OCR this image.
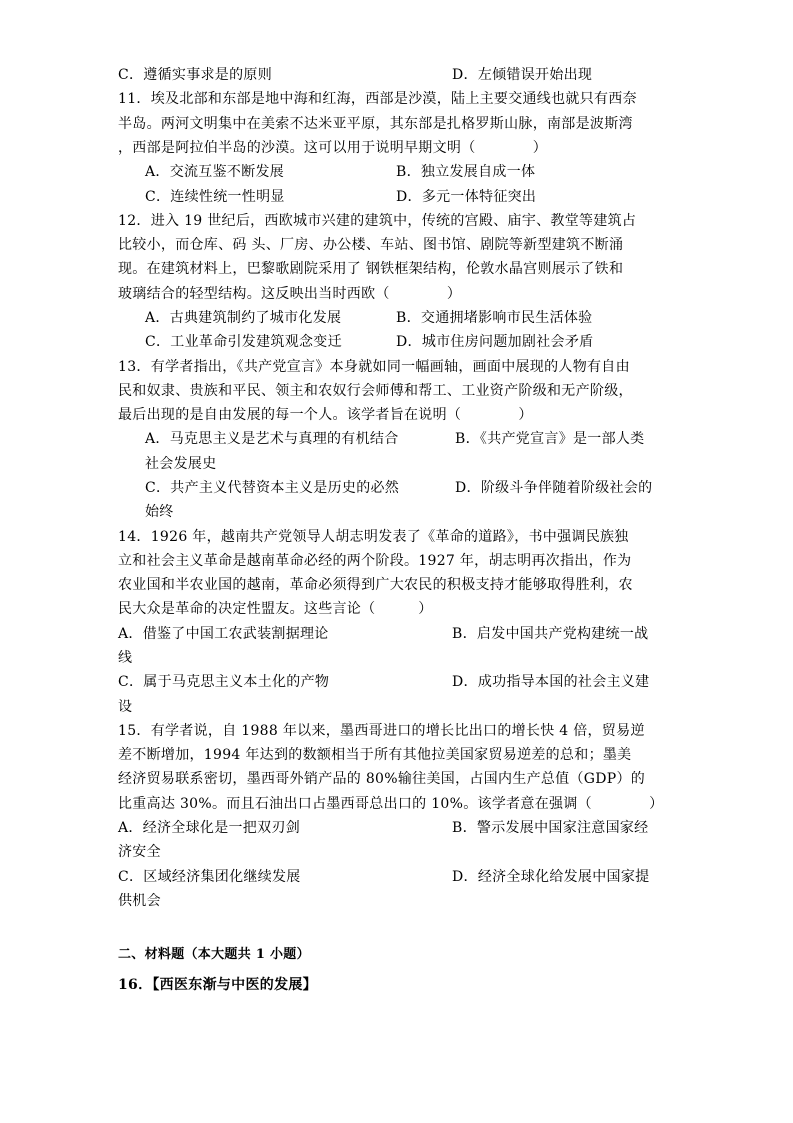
C．遵循实事求是的原则	D．左倾错误开始出现
11．埃及北部和东部是地中海和红海，西部是沙漠，陆上主要交通线也就只有西奈
半岛。两河文明集中在美索不达米亚平原，其东部是扎格罗斯山脉，南部是波斯湾
，西部是阿拉伯半岛的沙漠。这可以用于说明早期文明（　　　　）
A．交流互鉴不断发展	B．独立发展自成一体
C．连续性统一性明显	D．多元一体特征突出
12．进入 19 世纪后，西欧城市兴建的建筑中，传统的宫殿、庙宇、教堂等建筑占
比较小，而仓库、码 头、厂房、办公楼、车站、图书馆、剧院等新型建筑不断涌
现。在建筑材料上，巴黎歌剧院采用了 钢铁框架结构，伦敦水晶宫则展示了铁和
玻璃结合的轻型结构。这反映出当时西欧（　　　　）
A．古典建筑制约了城市化发展	B．交通拥堵影响市民生活体验
C．工业革命引发建筑观念变迁	D．城市住房问题加剧社会矛盾
13．有学者指出，《共产党宣言》本身就如同一幅画轴，画面中展现的人物有自由
民和奴隶、贵族和平民、领主和农奴行会师傅和帮工、工业资产阶级和无产阶级，
最后出现的是自由发展的每一个人。该学者旨在说明（　　　　）
A．马克思主义是艺术与真理的有机结合	B．《共产党宣言》是一部人类
社会发展史
C．共产主义代替资本主义是历史的必然	D．阶级斗争伴随着阶级社会的
始终
14．1926 年，越南共产党领导人胡志明发表了《革命的道路》，书中强调民族独
立和社会主义革命是越南革命必经的两个阶段。1927 年，胡志明再次指出，作为
农业国和半农业国的越南，革命必须得到广大农民的积极支持才能够取得胜利，农
民大众是革命的决定性盟友。这些言论（　　　）
A．借鉴了中国工农武装割据理论	B．启发中国共产党构建统一战
线
C．属于马克思主义本土化的产物	D．成功指导本国的社会主义建
设
15．有学者说，自 1988 年以来，墨西哥进口的增长比出口的增长快 4 倍，贸易逆
差不断增加，1994 年达到的数额相当于所有其他拉美国家贸易逆差的总和；墨美
经济贸易联系密切，墨西哥外销产品的 80%输往美国，占国内生产总值（GDP）的
比重高达 30%。而且石油出口占墨西哥总出口的 10%。该学者意在强调（　　　　）
A．经济全球化是一把双刃剑	B．警示发展中国家注意国家经
济安全
C．区域经济集团化继续发展	D．经济全球化给发展中国家提
供机会
二、材料题（本大题共 1 小题）
16．【西医东渐与中医的发展】
